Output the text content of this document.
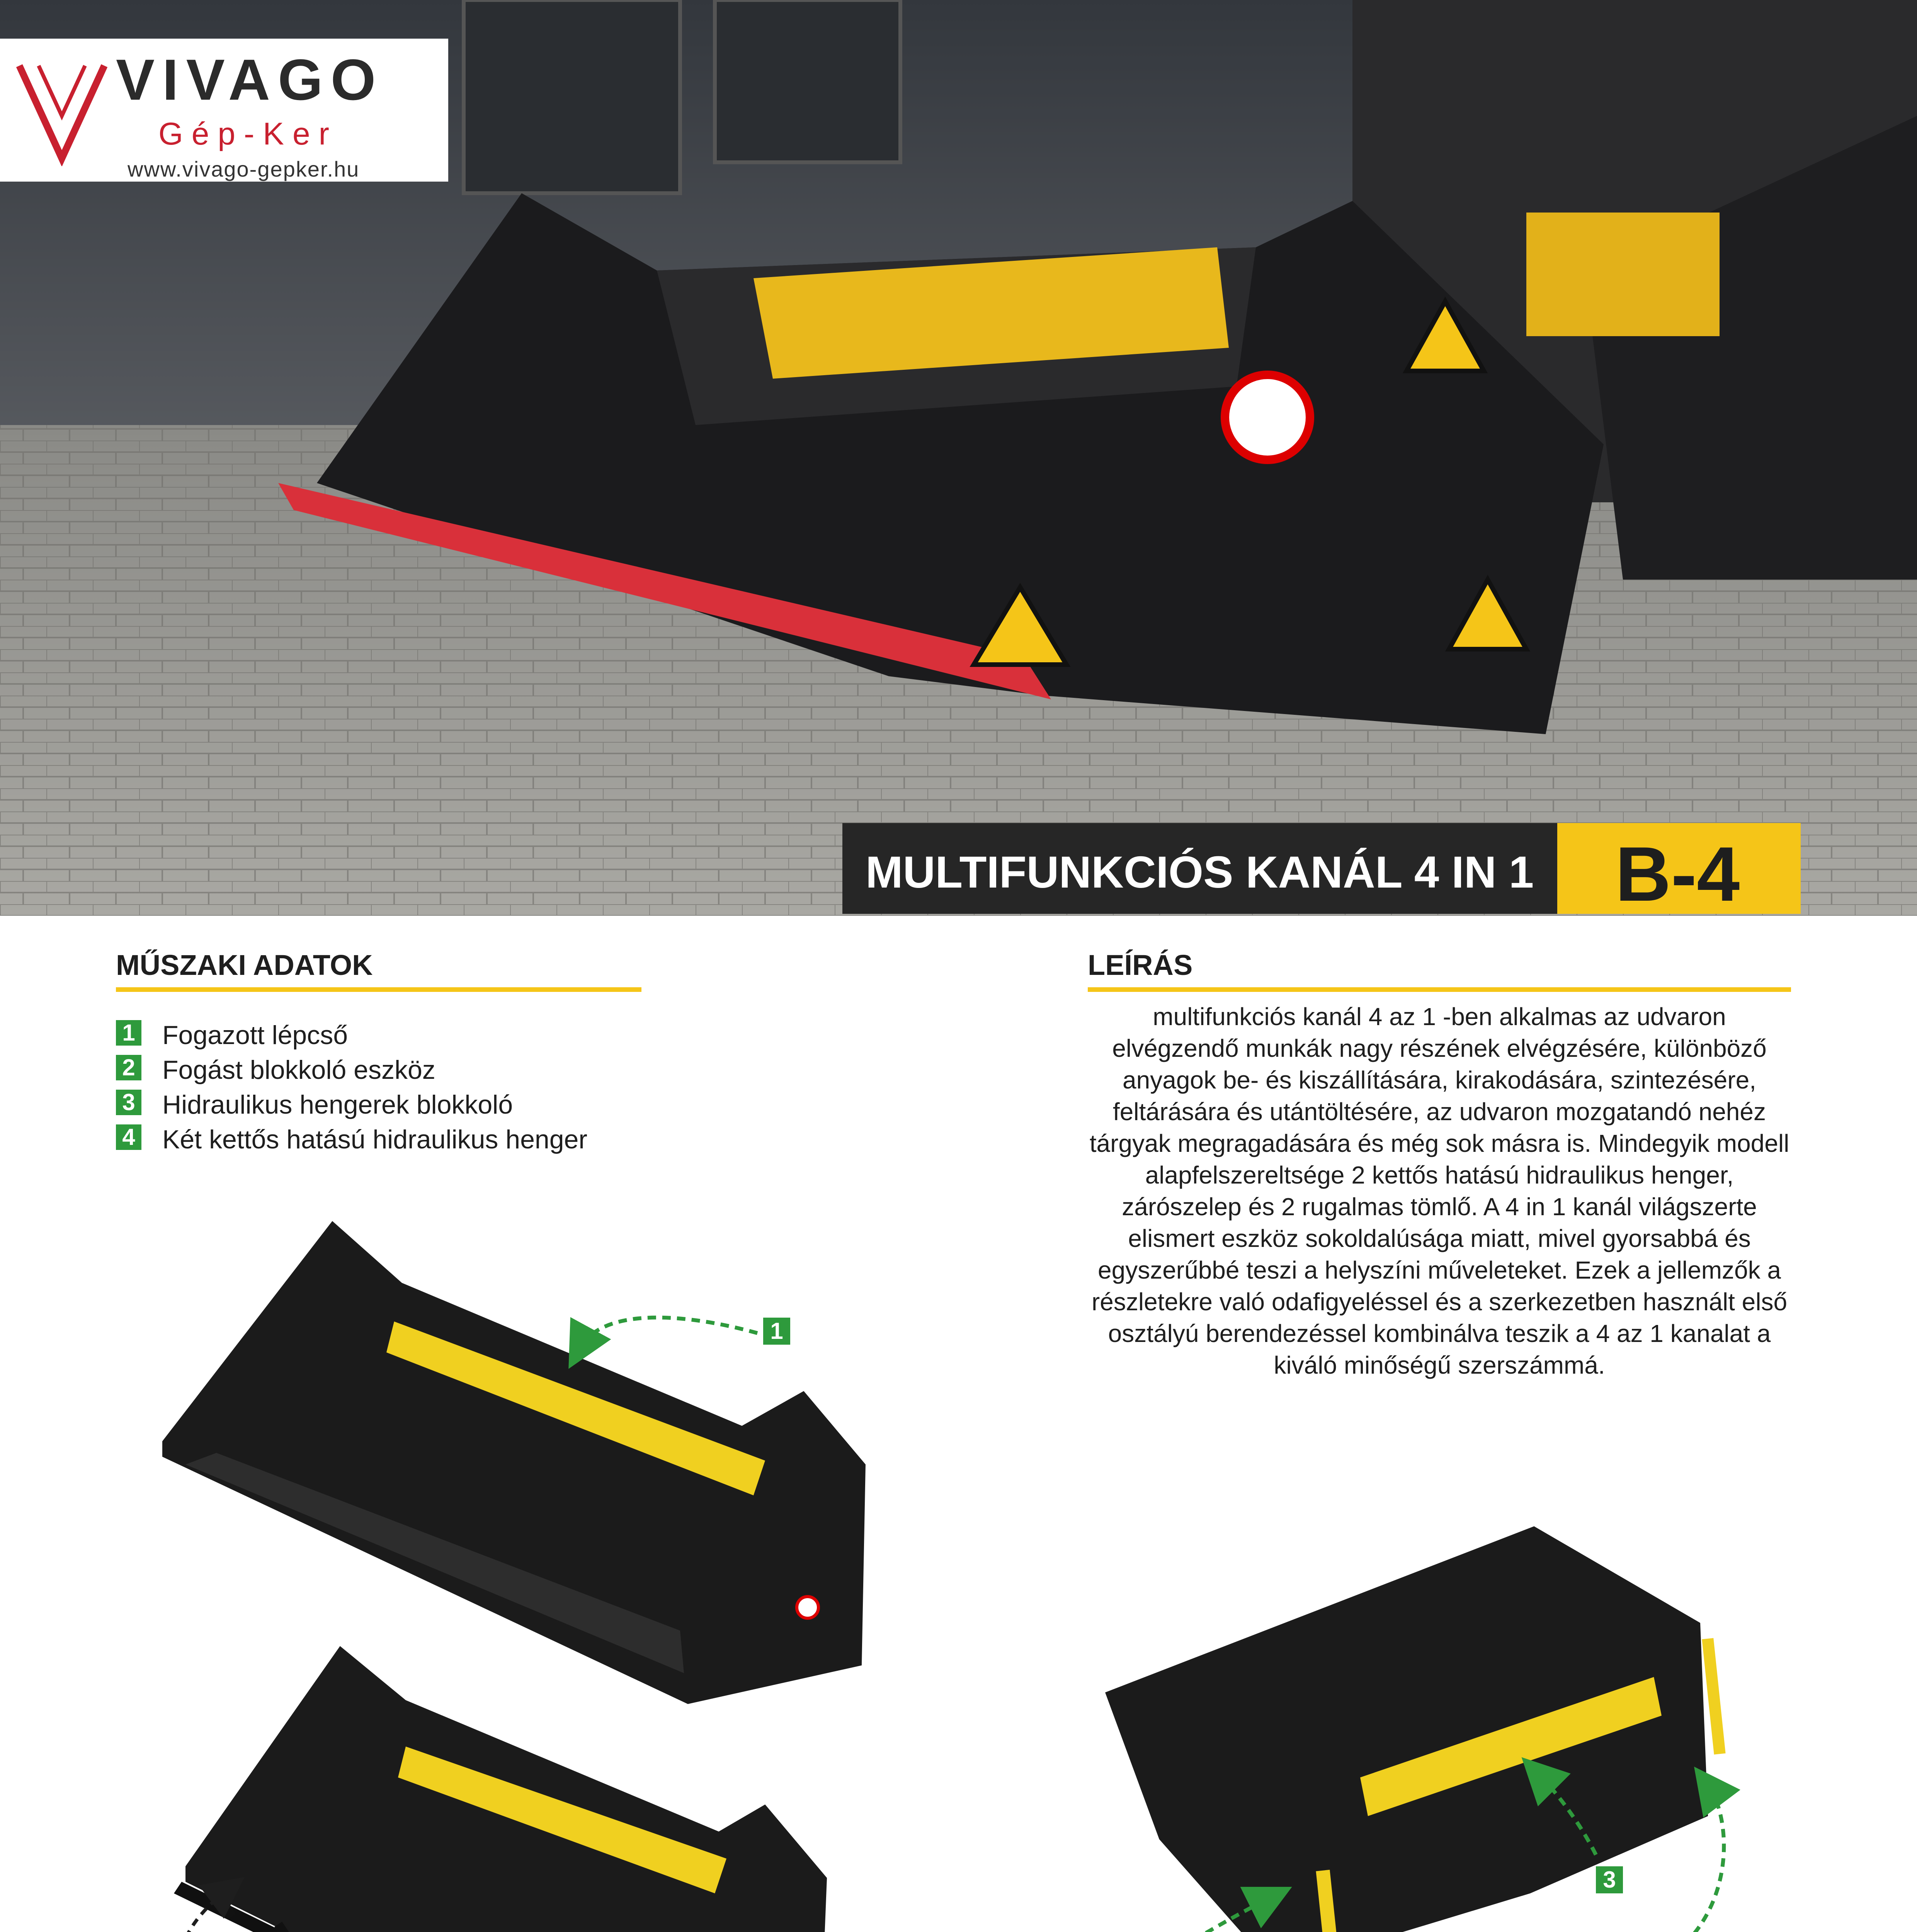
VIVAGO
Gép-Ker
www.vivago-gepker.hu
MULTIFUNKCIÓS KANÁL 4 IN 1 B-4
MŰSZAKI ADATOK
1 Fogazott lépcső
2 Fogást blokkoló eszköz
3 Hidraulikus hengerek blokkoló
4 Két kettős hatású hidraulikus henger
LEÍRÁS

multifunkciós kanál 4 az 1 -ben alkalmas az udvaron elvégzendő munkák nagy részének elvégzésére, különböző anyagok be- és kiszállítására, kirakodására, szintezésére, feltárására és utántöltésére, az udvaron mozgatandó nehéz tárgyak megragadására és még sok másra is. Mindegyik modell alapfelszereltsége 2 kettős hatású hidraulikus henger, zárószelep és 2 rugalmas tömlő. A 4 in 1 kanál világszerte elismert eszköz sokoldalúsága miatt, mivel gyorsabbá és egyszerűbbé teszi a helyszíni műveleteket. Ezek a jellemzők a részletekre való odafigyeléssel és a szerkezetben használt első osztályú berendezéssel kombinálva teszik a 4 az 1 kanalat a kiváló minőségű szerszámmá.

1
3
